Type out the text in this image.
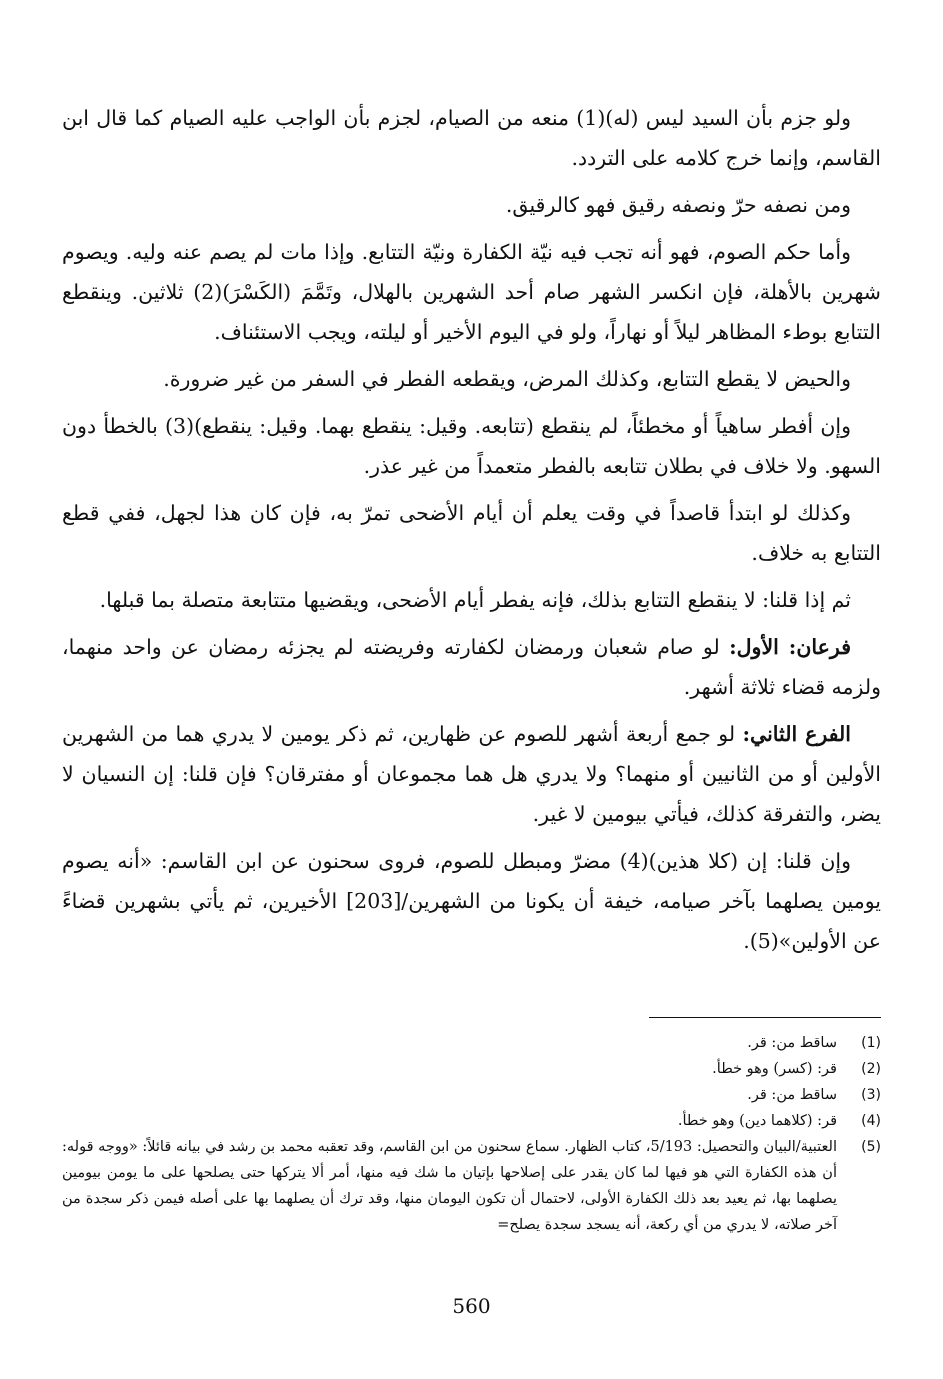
ولو جزم بأن السيد ليس (له)(1) منعه من الصيام، لجزم بأن الواجب عليه الصيام كما قال ابن القاسم، وإنما خرج كلامه على التردد.

ومن نصفه حرّ ونصفه رقيق فهو كالرقيق.

وأما حكم الصوم، فهو أنه تجب فيه نيّة الكفارة ونيّة التتابع. وإذا مات لم يصم عنه وليه. ويصوم شهرين بالأهلة، فإن انكسر الشهر صام أحد الشهرين بالهلال، وتَمَّمَ (الكَسْرَ)(2) ثلاثين. وينقطع التتابع بوطء المظاهر ليلاً أو نهاراً، ولو في اليوم الأخير أو ليلته، ويجب الاستئناف.

والحيض لا يقطع التتابع، وكذلك المرض، ويقطعه الفطر في السفر من غير ضرورة.

وإن أفطر ساهياً أو مخطئاً، لم ينقطع (تتابعه. وقيل: ينقطع بهما. وقيل: ينقطع)(3) بالخطأ دون السهو. ولا خلاف في بطلان تتابعه بالفطر متعمداً من غير عذر.

وكذلك لو ابتدأ قاصداً في وقت يعلم أن أيام الأضحى تمرّ به، فإن كان هذا لجهل، ففي قطع التتابع به خلاف.

ثم إذا قلنا: لا ينقطع التتابع بذلك، فإنه يفطر أيام الأضحى، ويقضيها متتابعة متصلة بما قبلها.

فرعان: الأول: لو صام شعبان ورمضان لكفارته وفريضته لم يجزئه رمضان عن واحد منهما، ولزمه قضاء ثلاثة أشهر.

الفرع الثاني: لو جمع أربعة أشهر للصوم عن ظهارين، ثم ذكر يومين لا يدري هما من الشهرين الأولين أو من الثانيين أو منهما؟ ولا يدري هل هما مجموعان أو مفترقان؟ فإن قلنا: إن النسيان لا يضر، والتفرقة كذلك، فيأتي بيومين لا غير.

وإن قلنا: إن (كلا هذين)(4) مضرّ ومبطل للصوم، فروى سحنون عن ابن القاسم: «أنه يصوم يومين يصلهما بآخر صيامه، خيفة أن يكونا من الشهرين/[203] الأخيرين، ثم يأتي بشهرين قضاءً عن الأولين»(5).

(1)
ساقط من: قر.
(2)
قر: (كسر) وهو خطأ.
(3)
ساقط من: قر.
(4)
قر: (كلاهما دين) وهو خطأ.
(5)
العتبية/البيان والتحصيل: 5/193، كتاب الظهار. سماع سحنون من ابن القاسم، وقد تعقبه محمد بن رشد في بيانه قائلاً: «ووجه قوله: أن هذه الكفارة التي هو فيها لما كان يقدر على إصلاحها بإتيان ما شك فيه منها، أمر ألا يتركها حتى يصلحها على ما يومن بيومين يصلهما بها، ثم يعيد بعد ذلك الكفارة الأولى، لاحتمال أن تكون اليومان منها، وقد ترك أن يصلهما بها على أصله فيمن ذكر سجدة من آخر صلاته، لا يدري من أي ركعة، أنه يسجد سجدة يصلح=
560
